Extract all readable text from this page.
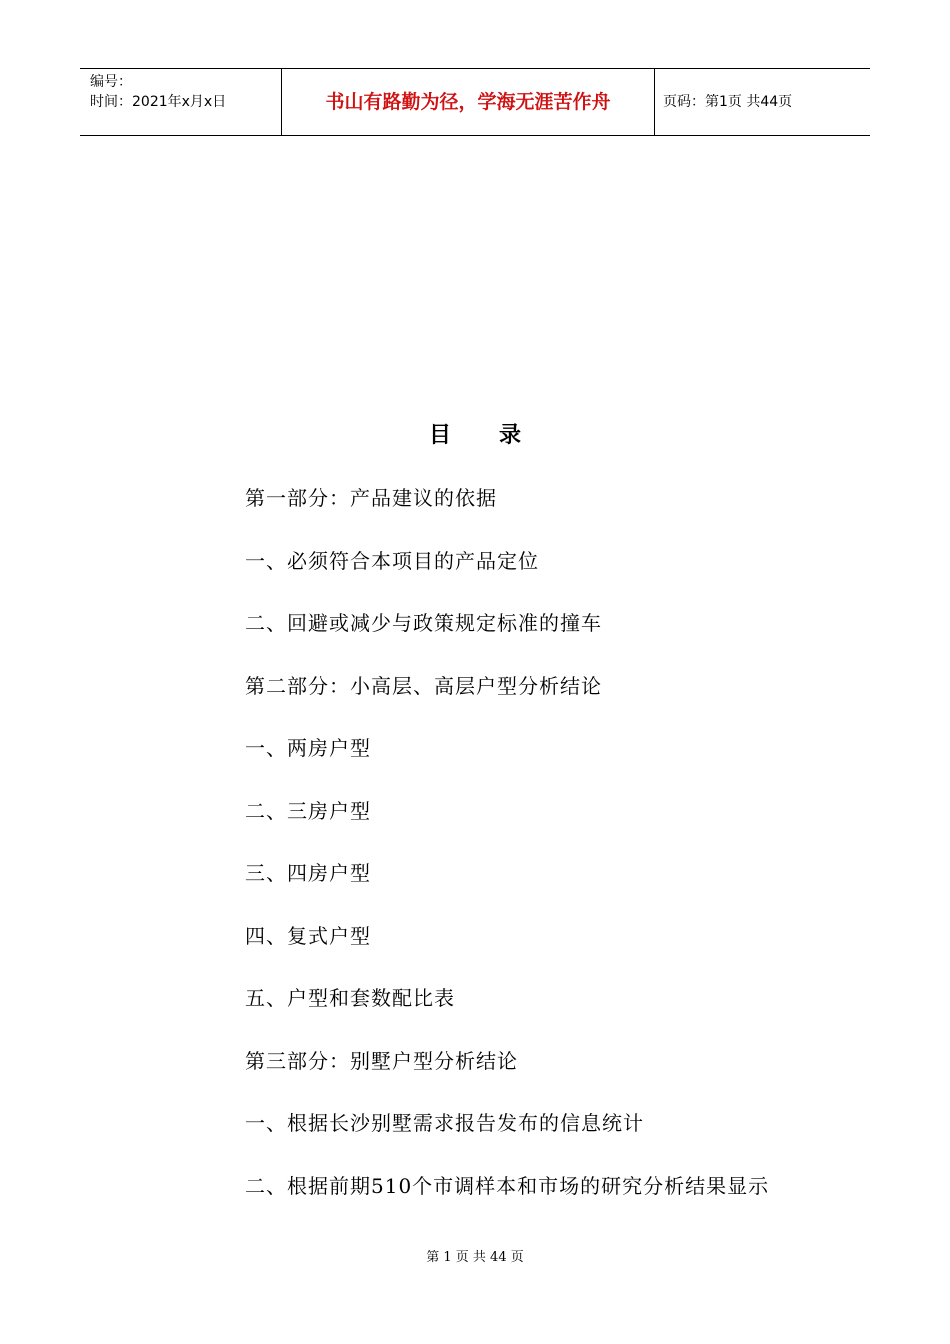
编号：
时间：2021年x月x日	书山有路勤为径，学海无涯苦作舟	页码：第1页 共44页
目录
第一部分：产品建议的依据
一、必须符合本项目的产品定位
二、回避或减少与政策规定标准的撞车
第二部分：小高层、高层户型分析结论
一、两房户型
二、三房户型
三、四房户型
四、复式户型
五、户型和套数配比表
第三部分：别墅户型分析结论
一、根据长沙别墅需求报告发布的信息统计
二、根据前期510个市调样本和市场的研究分析结果显示
第 1 页 共 44 页
